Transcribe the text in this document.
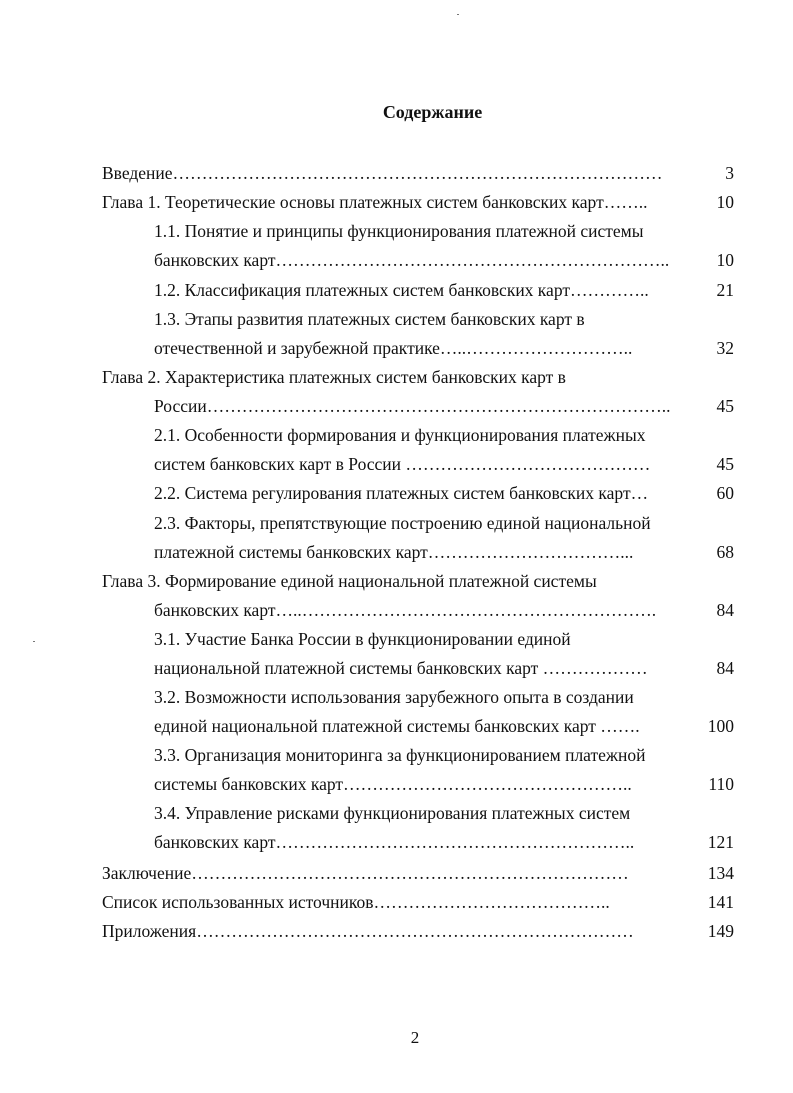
Содержание
Введение…………………………………………………………………………	3
Глава 1. Теоретические основы платежных систем банковских карт……..	10
1.1. Понятие и принципы функционирования платежной системы
банковских карт…………………………………………………………..	10
1.2. Классификация платежных систем банковских карт…………..	21
1.3. Этапы развития платежных систем банковских карт в
отечественной и зарубежной практике…..………………………..	32
Глава 2. Характеристика платежных систем банковских карт в
России……………………………………………………………………..	45
2.1. Особенности формирования и функционирования платежных
систем банковских карт в России ……………………………………	45
2.2. Система регулирования платежных систем банковских карт…	60
2.3. Факторы, препятствующие построению единой национальной
платежной системы банковских карт……………………………...	68
Глава 3. Формирование единой национальной платежной системы
банковских карт…..…………………………………………………….	84
3.1. Участие Банка России в функционировании единой
национальной платежной системы банковских карт ………………	84
3.2. Возможности использования зарубежного опыта в создании
единой национальной платежной системы банковских карт …….	100
3.3. Организация мониторинга за функционированием платежной
системы банковских карт…………………………………………..	110
3.4. Управление рисками функционирования платежных систем
банковских карт……………………………………………………..	121
Заключение…………………………………………………………………	134
Список использованных источников…………………………………..	141
Приложения…………………………………………………………………	149
2
